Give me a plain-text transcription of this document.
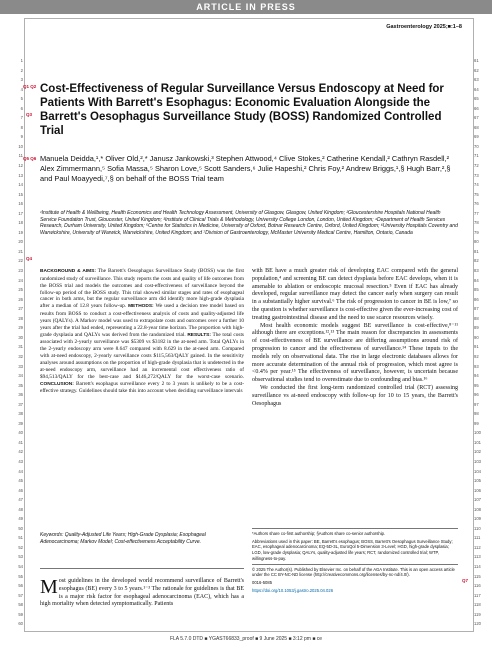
ARTICLE IN PRESS
Gastroenterology 2025;■:1–8
1
2
3
4
5
6
7
8
9
10
11
12
13
14
15
16
17
18
19
20
21
22
23
24
25
26
27
28
29
30
31
32
33
34
35
36
37
38
39
40
41
42
43
44
45
46
47
48
49
50
51
52
53
54
55
56
57
58
59
60
61
62
63
64
65
66
67
68
69
70
71
72
73
74
75
76
77
78
79
80
81
82
83
84
85
86
87
88
89
90
91
92
93
94
95
96
97
98
99
100
101
102
103
104
105
106
107
108
109
110
111
112
113
114
115
116
117
118
119
120
Q1 Q2
Q3
Q5 Q6
Q4
Q7
Cost-Effectiveness of Regular Surveillance Versus Endoscopy at Need for Patients With Barrett's Esophagus: Economic Evaluation Alongside the Barrett's Oesophagus Surveillance Study (BOSS) Randomized Controlled Trial

Manuela Deidda,¹,* Oliver Old,²,* Janusz Jankowski,³ Stephen Attwood,⁴ Clive Stokes,² Catherine Kendall,² Cathryn Rasdell,² Alex Zimmermann,⁵ Sofia Massa,⁵ Sharon Love,⁵ Scott Sanders,⁶ Julie Hapeshi,² Chris Foy,² Andrew Briggs,¹,§ Hugh Barr,²,§ and Paul Moayyedi,⁷,§ on behalf of the BOSS Trial team

¹Institute of Health & Wellbeing, Health Economics and Health Technology Assessment, University of Glasgow, Glasgow, United Kingdom; ²Gloucestershire Hospitals National Health Service Foundation Trust, Gloucester, United Kingdom; ³Institute of Clinical Trials & Methodology, University College London, London, United Kingdom; ⁴Department of Health Services Research, Durham University, United Kingdom; ⁵Centre for Statistics in Medicine, University of Oxford, Botnar Research Centre, Oxford, United Kingdom; ⁶University Hospitals Coventry and Warwickshire, University of Warwick, Warwickshire, United Kingdom; and ⁷Division of Gastroenterology, McMaster University Medical Centre, Hamilton, Ontario, Canada

BACKGROUND & AIMS: The Barrett's Oesophagus Surveillance Study (BOSS) was the first randomized study of surveillance. This study reports the costs and quality of life outcomes from the BOSS trial and models the outcomes and cost-effectiveness of surveillance beyond the follow-up period of the BOSS study. This trial showed similar stages and rates of esophageal cancer in both arms, but the regular surveillance arm did identify more high-grade dysplasia after a median of 12.8 years follow-up. METHODS: We used a decision tree model based on results from BOSS to conduct a cost-effectiveness analysis of costs and quality-adjusted life years (QALYs). A Markov model was used to extrapolate costs and outcomes over a further 10 years after the trial had ended, representing a 22.8-year time horizon. The proportion with high-grade dysplasia and QALYs was derived from the randomized trial. RESULTS: The total costs associated with 2-yearly surveillance was $5309 vs $3182 in the at-need arm. Total QALYs in the 2-yearly endoscopy arm were 8.647 compared with 8.629 in the at-need arm. Compared with at-need endoscopy, 2-yearly surveillance costs $115,563/QALY gained. In the sensitivity analyses around assumptions on the proportion of high-grade dysplasia that is undetected in the at-need endoscopy arm, surveillance had an incremental cost effectiveness ratio of $94,513/QALY for the best-case and $146,272/QALY for the worst-case scenario. CONCLUSION: Barrett's esophagus surveillance every 2 to 3 years is unlikely to be a cost-effective strategy. Guidelines should take this into account when deciding surveillance intervals

Keywords: Quality-Adjusted Life Years; High-Grade Dysplasia; Esophageal Adenocarcinoma; Markov Model; Cost-effectiveness Acceptability Curve.

Most guidelines in the developed world recommend surveillance of Barrett's esophagus (BE) every 3 to 5 years.¹⁻³ The rationale for guidelines is that BE is a major risk factor for esophageal adenocarcinoma (EAC), which has a high mortality when detected symptomatically. Patients

with BE have a much greater risk of developing EAC compared with the general population,⁴ and screening BE can detect dysplasia before EAC develops, when it is amenable to ablation or endoscopic mucosal resection.⁵ Even if EAC has already developed, regular surveillance may detect the cancer early when surgery can result in a substantially higher survival.⁶ The risk of progression to cancer in BE is low,⁷ so the question is whether surveillance is cost-effective given the ever-increasing cost of treating gastrointestinal disease and the need to use scarce resources wisely.

Most health economic models suggest BE surveillance is cost-effective,⁸⁻¹¹ although there are exceptions.¹²,¹³ The main reason for discrepancies in assessments of cost-effectiveness of BE surveillance are differing assumptions around risk of progression to cancer and the effectiveness of surveillance.¹⁴ These inputs to the models rely on observational data. The rise in large electronic databases allows for more accurate determination of the annual risk of progression, which most agree is <0.4% per year.¹⁵ The effectiveness of surveillance, however, is uncertain because observational studies tend to overestimate due to confounding and bias.¹⁶

We conducted the first long-term randomized controlled trial (RCT) assessing surveillance vs at-need endoscopy with follow-up for 10 to 15 years, the Barrett's Oesophagus

*Authors share co-first authorship; §Authors share co-senior authorship.

Abbreviations used in this paper: BE, Barrett's esophagus; BOSS, Barrett's Oesophagus Surveillance Study; EAC, esophageal adenocarcinoma; EQ-5D-3L, EuroQol 5-Dimension 3-Level; HGD, high-grade dysplasia; LGD, low-grade dysplasia; QALYs, quality-adjusted life years; RCT, randomized controlled trial; WTP, willingness-to-pay.

© 2025 The Author(s). Published by Elsevier Inc. on behalf of the AGA Institute. This is an open access article under the CC BY-NC-ND license (http://creativecommons.org/licenses/by-nc-nd/4.0/).

0016-5085

https://doi.org/10.1053/j.gastro.2025.04.026

FLA 5.7.0 DTD ■ YGAST66833_proof ■ 9 June 2025 ■ 3:12 pm ■ ce
